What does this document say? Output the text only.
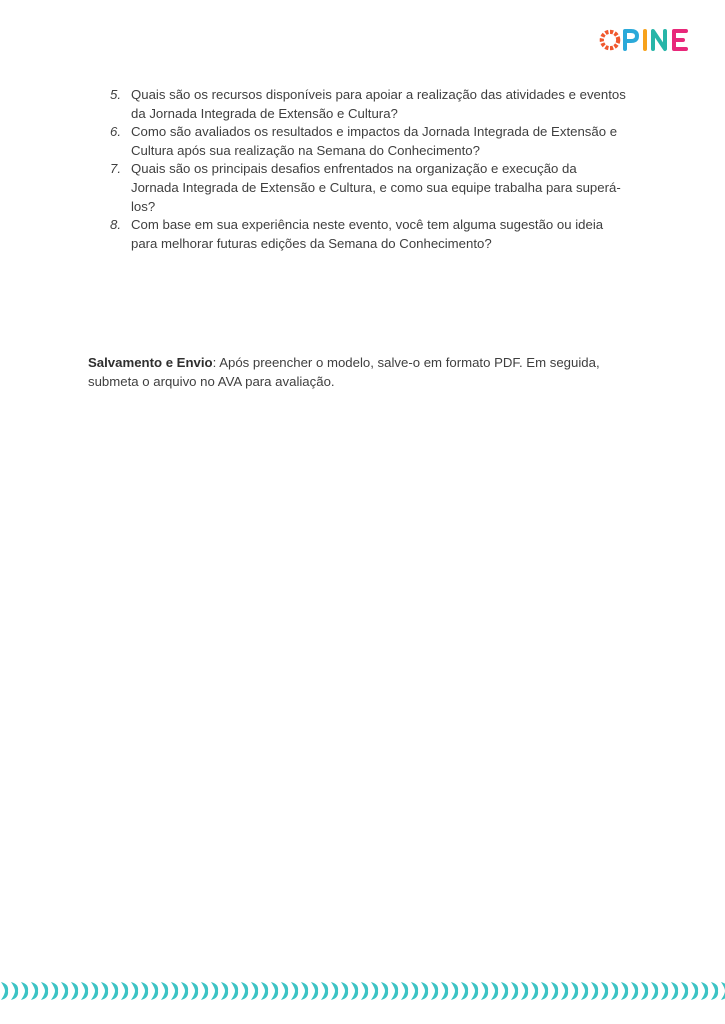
5. Quais são os recursos disponíveis para apoiar a realização das atividades e eventos da Jornada Integrada de Extensão e Cultura?
6. Como são avaliados os resultados e impactos da Jornada Integrada de Extensão e Cultura após sua realização na Semana do Conhecimento?
7. Quais são os principais desafios enfrentados na organização e execução da Jornada Integrada de Extensão e Cultura, e como sua equipe trabalha para superá-los?
8. Com base em sua experiência neste evento, você tem alguma sugestão ou ideia para melhorar futuras edições da Semana do Conhecimento?

Salvamento e Envio: Após preencher o modelo, salve-o em formato PDF. Em seguida, submeta o arquivo no AVA para avaliação.
